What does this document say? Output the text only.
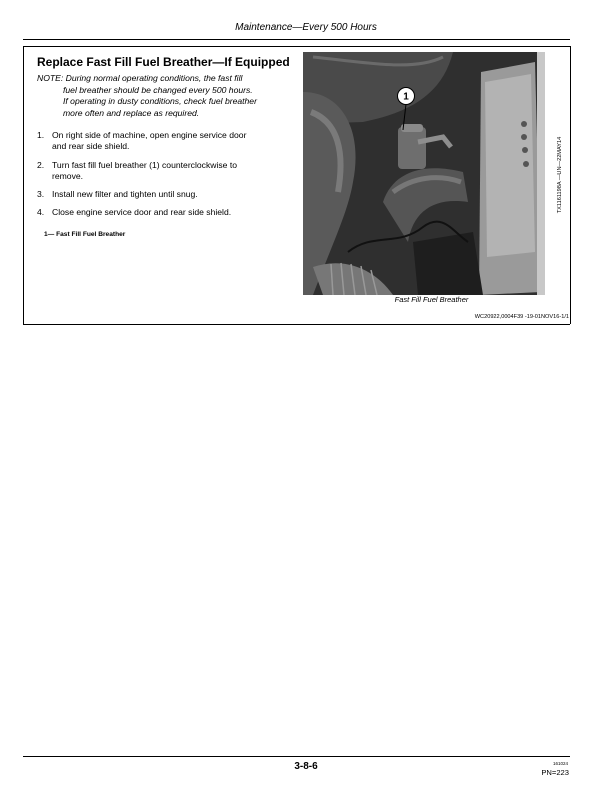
Maintenance—Every 500 Hours
Replace Fast Fill Fuel Breather—If Equipped
NOTE: During normal operating conditions, the fast fill
fuel breather should be changed every 500 hours.
If operating in dusty conditions, check fuel breather
more often and replace as required.
1. On right side of machine, open engine service door
and rear side shield.
2. Turn fast fill fuel breather (1) counterclockwise to
remove.
3. Install new filter and tighten until snug.
4. Close engine service door and rear side shield.
1— Fast Fill Fuel Breather
1
TX1161198A —UN—22MAY14
Fast Fill Fuel Breather
WC20922,0004F39 -19-01NOV16-1/1
3-8-6	161024
PN=223
